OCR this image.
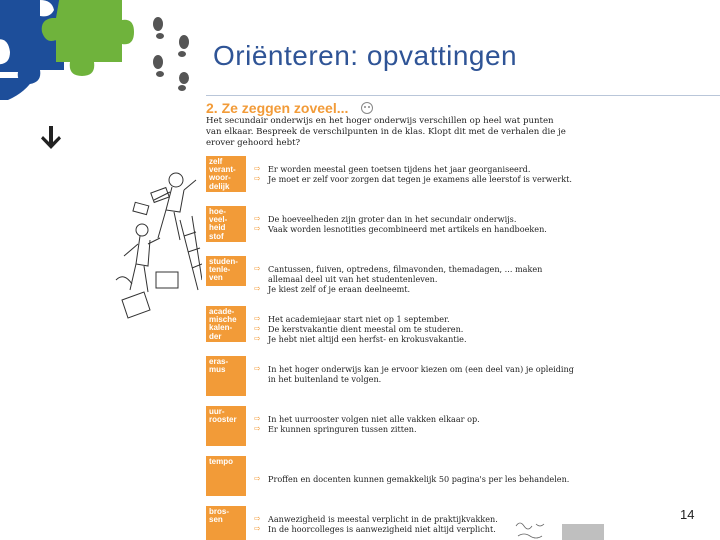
Oriënteren: opvattingen
2. Ze zeggen zoveel...
Het secundair onderwijs en het hoger onderwijs verschillen op heel wat punten van elkaar. Bespreek de verschilpunten in de klas. Klopt dit met de verhalen die je erover gehoord hebt?
zelf
verant-
woor-
delijk
⇨ Er worden meestal geen toetsen tijdens het jaar georganiseerd.
⇨ Je moet er zelf voor zorgen dat tegen je examens alle leerstof is verwerkt.
hoe-
veel-
heid
stof
⇨ De hoeveelheden zijn groter dan in het secundair onderwijs.
⇨ Vaak worden lesnotities gecombineerd met artikels en handboeken.
studen-
tenle-
ven
⇨ Cantussen, fuiven, optredens, filmavonden, themadagen, ... maken allemaal deel uit van het studentenleven.
⇨ Je kiest zelf of je eraan deelneemt.
acade-
mische
kalen-
der
⇨ Het academiejaar start niet op 1 september.
⇨ De kerstvakantie dient meestal om te studeren.
⇨ Je hebt niet altijd een herfst- en krokusvakantie.
eras-
mus	⇨ In het hoger onderwijs kan je ervoor kiezen om (een deel van) je opleiding in het buitenland te volgen.
uur-
rooster	⇨ In het uurrooster volgen niet alle vakken elkaar op.
⇨ Er kunnen springuren tussen zitten.
tempo
⇨ Proffen en docenten kunnen gemakkelijk 50 pagina's per les behandelen.
bros-
sen	⇨ Aanwezigheid is meestal verplicht in de praktijkvakken.
⇨ In de hoorcolleges is aanwezigheid niet altijd verplicht.
14
